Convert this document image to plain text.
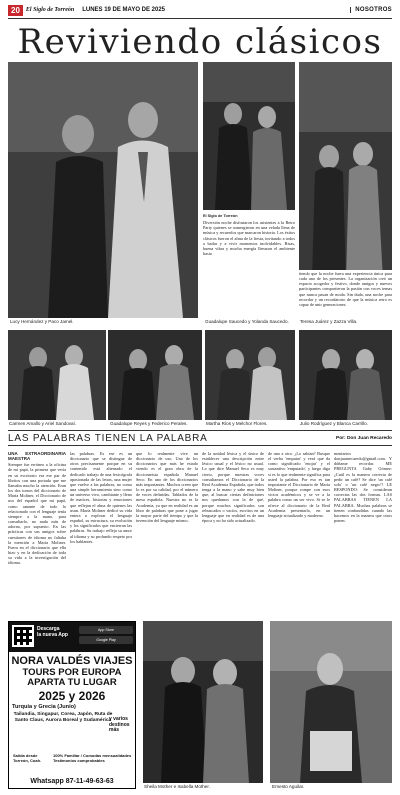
20	El Siglo de Torreón LUNES 19 DE MAYO DE 2025	NOSOTROS
Reviviendo clásicos
Lucy Hernández y Paco Jamel.	Guadalupe Saucedo y Yolanda Saucedo. Teresa Juárez y Zazza Villa.

El Siglo de Torreón

Diversión noche disfrutaron los asistentes a la Retro Party quienes se sumergieron en una velada llena de música y recuerdos que marcaron historia. Los éxitos clásicos fueron el alma de la fiesta, invitando a todos a bailar y a vivir momentos inolvidables. Risas, buena vibra y mucha energía llenaron el ambiente hasta

Carmen Amallo y Ariel Sandoval.	Guadalupe Reyes y Federico Perales.	Martha Ríos y Melchor Flores.	Julio Rodríguez y Blanca Carrillo.
LAS PALABRAS TIENEN LA PALABRA	Por: Don Juan Recaredo

UNA EXTRAORDINARIA MAESTRA

Siempre fue erróneo a la oficina de mi papá, la primera que vería en su escritorio era ese par de libritos con una portada que me llamaba mucho la atención. Eran los dos tomos del diccionario de María Moliner, el Diccionario de uso del español que mi papá, como amante de todo lo relacionado con el lenguaje tenía siempre a la mano, para consultarlo, no nada más de adorno, por supuesto. En las prácticas con sus amigos sobre cuestiones de idioma no faltaba la mención a María Moliner. Fuera en el diccionario que ella hizo y en la dedicación de toda su vida a la investigación del idioma.

las palabras. Es ese es un diccionario que se distingue de otros precisamente porque en su contenido está alternado el dedicado trabajo de una lexicógrafa apasionada de las letras, una mujer que vuelve a las palabras, no como una simple herramienta sino como un universo vivo, cambiante y lleno de matices, historias y emociones que reflejan el alma de quienes las usan. María Moliner dedicó su vida entera a explorar el lenguaje español, su estructura, su evolución y los significados que encierran las palabras. Su trabajo refleja su amor al idioma y su profundo respeto por los hablantes.

que lo realmente vive un diccionario de uso. Uno de los diccionarios que más he estado viendo es el gran obra de la diccionarista española Manuel Seco. En uno de los diccionarios más importantes. Muchos creen que lo es por su calidad, por el número de voces definidas. Tablados de la mesa española. Nuestra no es la Academia, ya que en realidad es un libro de palabras que pone a jugar la mayor parte del tiempo y que la invención del lenguaje mismo.

de la unidad léxica y el único de establecer una descripción entre léxico usual y el léxico no usual. Lo que dice Manuel Seco es muy cierto, porque nuestras voces consultamos el Diccionario de la Real Academia Española, que todos tenga a la mano y sabe muy bien que, al buscar ciertas definiciones nos quedamos con la de qué, porque muchos significados son rebuscados o vacíos, escritos en un lenguaje que en realidad es de una época y no ha sido actualizado.

de uno a otro. ¿Lo sabían? Busque el verbo 'emputar' y verá que da como significado 'enojar' y el sustantivo 'emputado', y luego diga si es lo que realmente significa para usted la palabra. Por eso es tan importante el Diccionario de María Moliner, porque rompe con esos vicios académicos y se ve a la palabra como un ser vivo. Si se le ofrece al diccionario de la Real Academia presentarlo, en un lenguaje actualizado y moderno.

mentarios donjuanrecaredo@gmail.com. Y dóñame recordar. ME PREGUNTA Gaby Gómez: ¿Cuál es la manera correcta de pedir un café? Se dice 'un café solo' o 'un café negro'? LE RESPONDO: Se consideran correctas las dos formas. LAS PALABRAS TIENEN LA PALABRA. Muchas palabras se tienen confundidas cuando las hacemos en la manera que otros ponen.

Descarga
la nueva App
App Store
Google Play
NORA VALDÉS VIAJES
TOURS POR EUROPA APARTA TU LUGAR
2025 y 2026
Turquía y Grecia (Junio)
Tailandia, Singapur, Corea, Japón, Ruta de Santo Claus, Aurora Boreal y Sudamérica
y varios destinos más
Salida desde
Torreón, Coah.
100% Familiar / Comodas mensualidades
Testimonios comprobables
Whatsapp 87-11-49-63-63
Sheila Mother e Isabella Mother.	Ernesto Aguilar.

tiendo que la noche fuera una experiencia única para cada uno de los presentes. La organización creó un espacio acogedor y festivo, donde amigos y nuevos participantes compartieron la pasión con voces temas que nunca pasan de moda. Sin duda, una noche para recordar y un recordatorio de que la música retro es capaz de unir generaciones.
